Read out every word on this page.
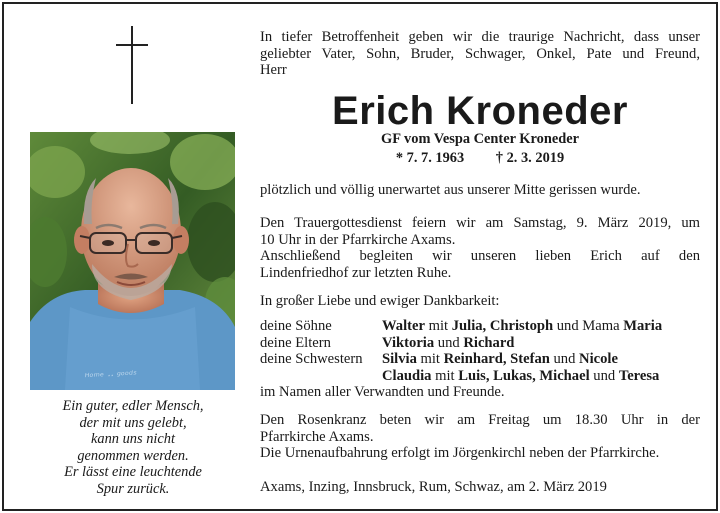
ᴴᵒᵐᵉ ·· ᵍᵒᵒᵈˢ
Ein guter, edler Mensch,
der mit uns gelebt,
kann uns nicht
genommen werden.
Er lässt eine leuchtende
Spur zurück.
In tiefer Betroffenheit geben wir die traurige Nachricht, dass unser
geliebter Vater, Sohn, Bruder, Schwager, Onkel, Pate und Freund,
Herr
Erich Kroneder
GF vom Vespa Center Kroneder
* 7. 7. 1963 † 2. 3. 2019
plötzlich und völlig unerwartet aus unserer Mitte gerissen wurde.
Den Trauergottesdienst feiern wir am Samstag, 9. März 2019, um
10 Uhr in der Pfarrkirche Axams.
Anschließend begleiten wir unseren lieben Erich auf den
Lindenfriedhof zur letzten Ruhe.
In großer Liebe und ewiger Dankbarkeit:
deine Söhne	Walter mit Julia, Christoph und Mama Maria
deine Eltern	Viktoria und Richard
deine Schwestern Silvia mit Reinhard, Stefan und Nicole
Claudia mit Luis, Lukas, Michael und Teresa
im Namen aller Verwandten und Freunde.
Den Rosenkranz beten wir am Freitag um 18.30 Uhr in der
Pfarrkirche Axams.
Die Urnenaufbahrung erfolgt im Jörgenkirchl neben der Pfarrkirche.
Axams, Inzing, Innsbruck, Rum, Schwaz, am 2. März 2019
